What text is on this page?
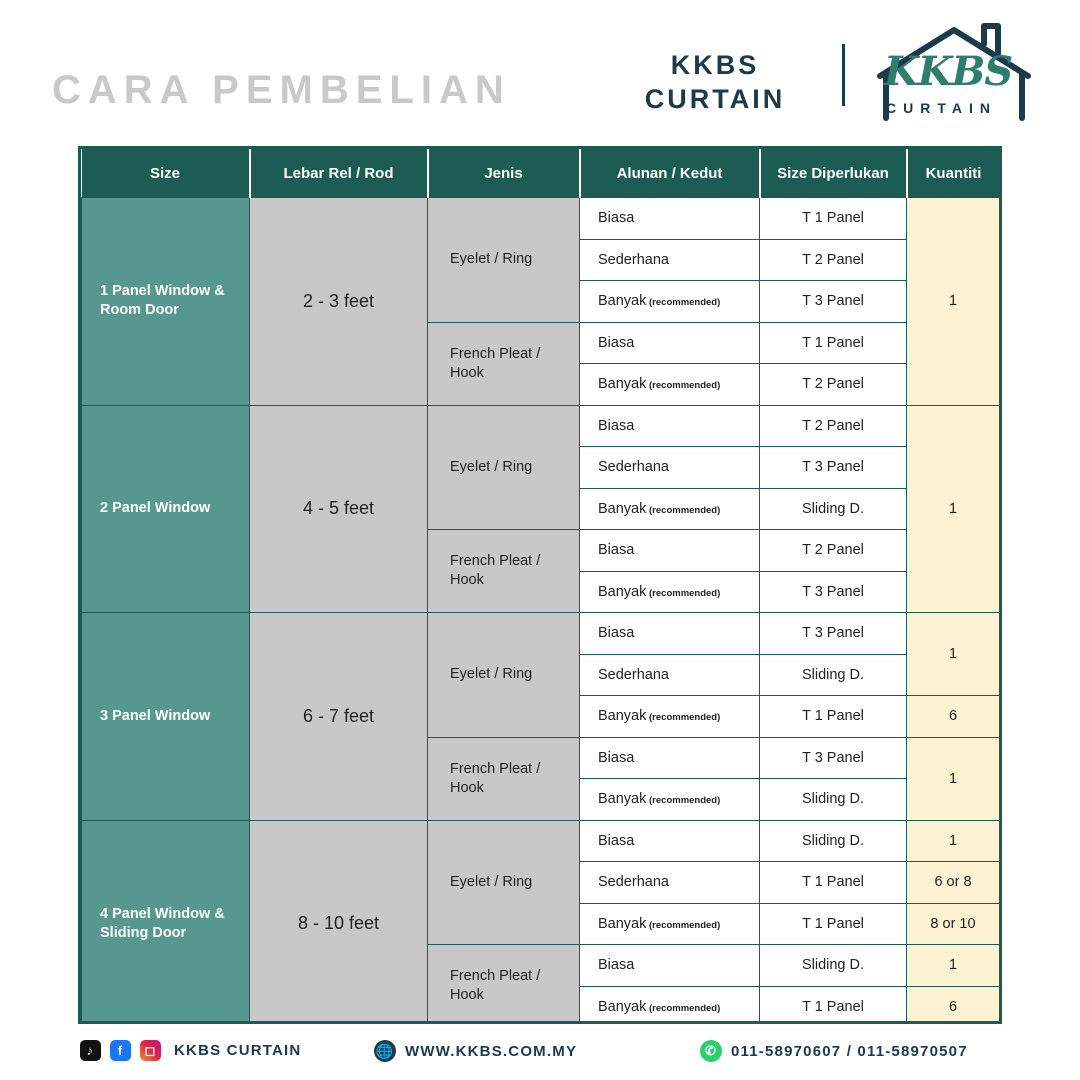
CARA PEMBELIAN
KKBS
CURTAIN
KKBS
CURTAIN
Size	Lebar Rel / Rod	Jenis	Alunan / Kedut	Size Diperlukan	Kuantiti
1 Panel Window & Room Door	2 - 3 feet	Eyelet / Ring	Biasa	T 1 Panel	1
			Sederhana	T 2 Panel	
			Banyak (recommended)	T 3 Panel	
		French Pleat / Hook	Biasa	T 1 Panel	
			Banyak (recommended)	T 2 Panel	
2 Panel Window	4 - 5 feet	Eyelet / Ring	Biasa	T 2 Panel	1
			Sederhana	T 3 Panel	
			Banyak (recommended)	Sliding D.	
		French Pleat / Hook	Biasa	T 2 Panel	
			Banyak (recommended)	T 3 Panel	
3 Panel Window	6 - 7 feet	Eyelet / Ring	Biasa	T 3 Panel	1
			Sederhana	Sliding D.	
			Banyak (recommended)	T 1 Panel	6
		French Pleat / Hook	Biasa	T 3 Panel	1
			Banyak (recommended)	Sliding D.	
4 Panel Window & Sliding Door	8 - 10 feet	Eyelet / Ring	Biasa	Sliding D.	1
			Sederhana	T 1 Panel	6 or 8
			Banyak (recommended)	T 1 Panel	8 or 10
		French Pleat / Hook	Biasa	Sliding D.	1
			Banyak (recommended)	T 1 Panel	6
♪	f	◻	KKBS CURTAIN	🌐 WWW.KKBS.COM.MY	✆ 011-58970607 / 011-58970507
